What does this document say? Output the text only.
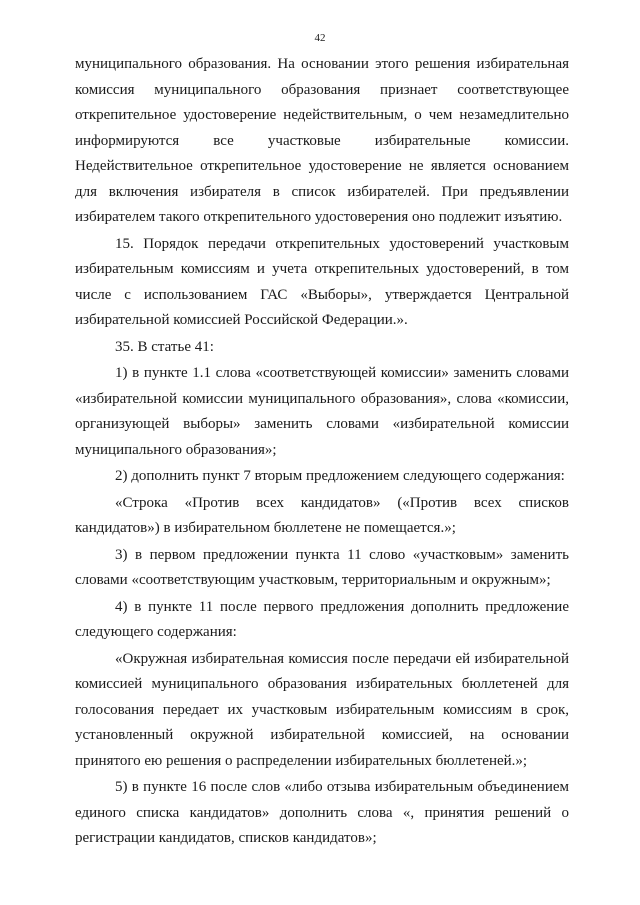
42

муниципального образования. На основании этого решения избирательная комиссия муниципального образования признает соответствующее открепительное удостоверение недействительным, о чем незамедлительно информируются все участковые избирательные комиссии. Недействительное открепительное удостоверение не является основанием для включения избирателя в список избирателей. При предъявлении избирателем такого открепительного удостоверения оно подлежит изъятию.

15. Порядок передачи открепительных удостоверений участковым избирательным комиссиям и учета открепительных удостоверений, в том числе с использованием ГАС «Выборы», утверждается Центральной избирательной комиссией Российской Федерации.».

35. В статье 41:

1) в пункте 1.1 слова «соответствующей комиссии» заменить словами «избирательной комиссии муниципального образования», слова «комиссии, организующей выборы» заменить словами «избирательной комиссии муниципального образования»;

2) дополнить пункт 7 вторым предложением следующего содержания:

«Строка «Против всех кандидатов» («Против всех списков кандидатов») в избирательном бюллетене не помещается.»;

3) в первом предложении пункта 11 слово «участковым» заменить словами «соответствующим участковым, территориальным и окружным»;

4) в пункте 11 после первого предложения дополнить предложение следующего содержания:

«Окружная избирательная комиссия после передачи ей избирательной комиссией муниципального образования избирательных бюллетеней для голосования передает их участковым избирательным комиссиям в срок, установленный окружной избирательной комиссией, на основании принятого ею решения о распределении избирательных бюллетеней.»;

5) в пункте 16 после слов «либо отзыва избирательным объединением единого списка кандидатов» дополнить слова «, принятия решений о регистрации кандидатов, списков кандидатов»;
